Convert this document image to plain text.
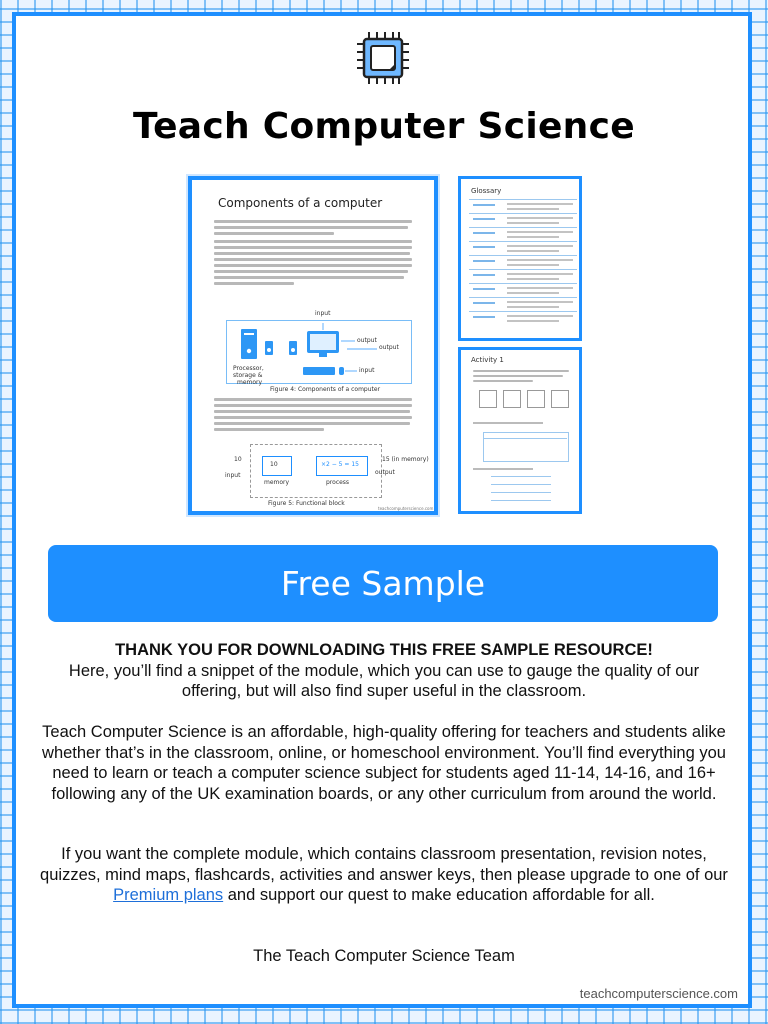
Teach Computer Science
Components of a computer
input
output
output
input
Processor,
storage &
memory
Figure 4: Components of a computer
10
input
10
memory
×2 − 5 = 15
process
15 (in memory)
output
Figure 5: Functional block
teachcomputerscience.com
Glossary
Activity 1
Free Sample
THANK YOU FOR DOWNLOADING THIS FREE SAMPLE RESOURCE!
Here, you’ll find a snippet of the module, which you can use to gauge the quality of our offering, but will also find super useful in the classroom.
Teach Computer Science is an affordable, high-quality offering for teachers and students alike whether that’s in the classroom, online, or homeschool environment. You’ll find everything you need to learn or teach a computer science subject for students aged 11-14, 14-16, and 16+ following any of the UK examination boards, or any other curriculum from around the world.
If you want the complete module, which contains classroom presentation, revision notes, quizzes, mind maps, flashcards, activities and answer keys, then please upgrade to one of our Premium plans and support our quest to make education affordable for all.
The Teach Computer Science Team
teachcomputerscience.com
